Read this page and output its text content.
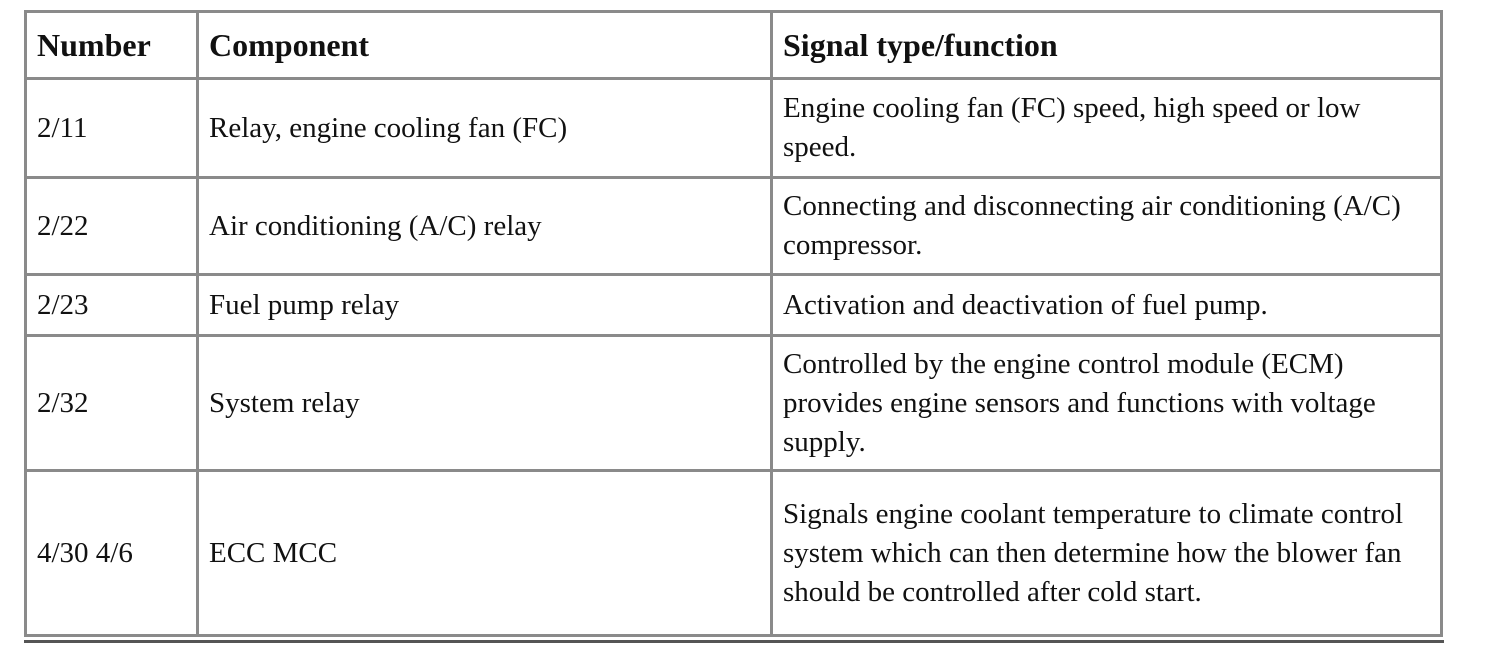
Number	Component	Signal type/function
2/11	Relay, engine cooling fan (FC)	Engine cooling fan (FC) speed, high speed or low speed.
2/22	Air conditioning (A/C) relay	Connecting and disconnecting air conditioning (A/C) compressor.
2/23	Fuel pump relay	Activation and deactivation of fuel pump.
2/32	System relay	Controlled by the engine control module (ECM) provides engine sensors and functions with voltage supply.
4/30 4/6	ECC MCC	Signals engine coolant temperature to climate control system which can then determine how the blower fan should be controlled after cold start.
